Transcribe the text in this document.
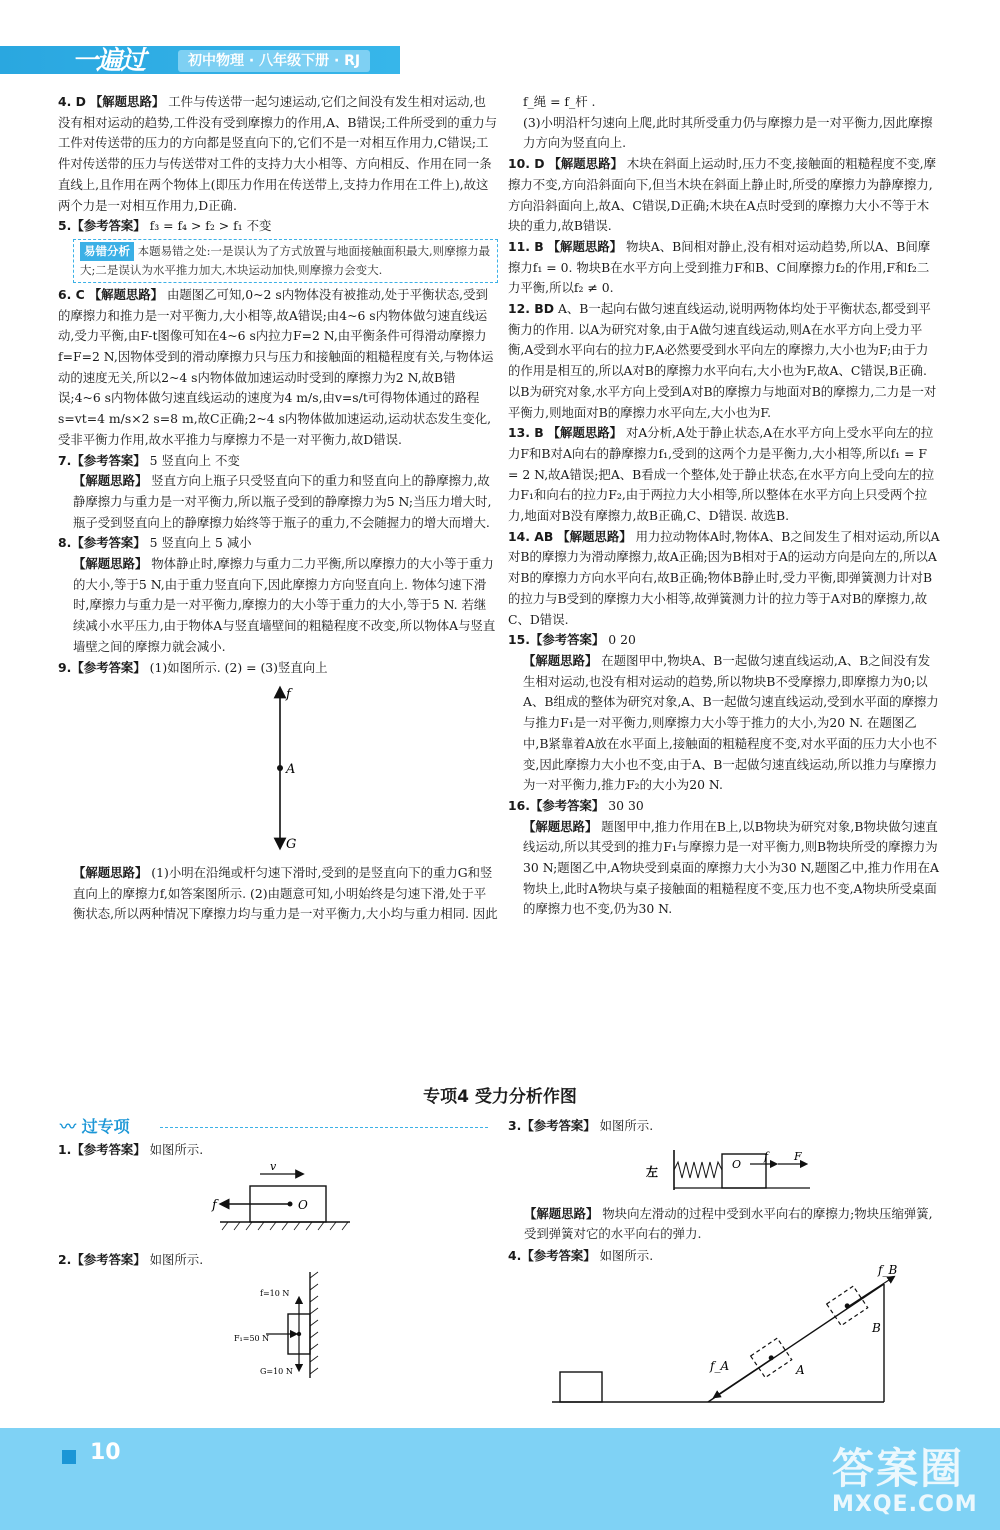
一遍过	初中物理 · 八年级下册 · RJ

4. D 【解题思路】 工件与传送带一起匀速运动,它们之间没有发生相对运动,也没有相对运动的趋势,工件没有受到摩擦力的作用,A、B错误;工件所受到的重力与工件对传送带的压力的方向都是竖直向下的,它们不是一对相互作用力,C错误;工件对传送带的压力与传送带对工件的支持力大小相等、方向相反、作用在同一条直线上,且作用在两个物体上(即压力作用在传送带上,支持力作用在工件上),故这两个力是一对相互作用力,D正确.

5.【参考答案】 f₃ = f₄ > f₂ > f₁ 不变

易错分析 本题易错之处:一是误认为了方式放置与地面接触面积最大,则摩擦力最大;二是误认为水平推力加大,木块运动加快,则摩擦力会变大.

6. C 【解题思路】 由题图乙可知,0~2 s内物体没有被推动,处于平衡状态,受到的摩擦力和推力是一对平衡力,大小相等,故A错误;由4~6 s内物体做匀速直线运动,受力平衡,由F-t图像可知在4~6 s内拉力F=2 N,由平衡条件可得滑动摩擦力f=F=2 N,因物体受到的滑动摩擦力只与压力和接触面的粗糙程度有关,与物体运动的速度无关,所以2~4 s内物体做加速运动时受到的摩擦力为2 N,故B错误;4~6 s内物体做匀速直线运动的速度为4 m/s,由v=s/t可得物体通过的路程s=vt=4 m/s×2 s=8 m,故C正确;2~4 s内物体做加速运动,运动状态发生变化,受非平衡力作用,故水平推力与摩擦力不是一对平衡力,故D错误.

7.【参考答案】 5 竖直向上 不变

【解题思路】 竖直方向上瓶子只受竖直向下的重力和竖直向上的静摩擦力,故静摩擦力与重力是一对平衡力,所以瓶子受到的静摩擦力为5 N;当压力增大时,瓶子受到竖直向上的静摩擦力始终等于瓶子的重力,不会随握力的增大而增大.

8.【参考答案】 5 竖直向上 5 减小

【解题思路】 物体静止时,摩擦力与重力二力平衡,所以摩擦力的大小等于重力的大小,等于5 N,由于重力竖直向下,因此摩擦力方向竖直向上. 物体匀速下滑时,摩擦力与重力是一对平衡力,摩擦力的大小等于重力的大小,等于5 N. 若继续减小水平压力,由于物体A与竖直墙壁间的粗糙程度不改变,所以物体A与竖直墙壁之间的摩擦力就会减小.

9.【参考答案】 (1)如图所示. (2) = (3)竖直向上

f
A
G

【解题思路】 (1)小明在沿绳或杆匀速下滑时,受到的是竖直向下的重力G和竖直向上的摩擦力f,如答案图所示. (2)由题意可知,小明始终是匀速下滑,处于平衡状态,所以两种情况下摩擦力均与重力是一对平衡力,大小均与重力相同. 因此

f_绳 = f_杆 .

(3)小明沿杆匀速向上爬,此时其所受重力仍与摩擦力是一对平衡力,因此摩擦力方向为竖直向上.

10. D 【解题思路】 木块在斜面上运动时,压力不变,接触面的粗糙程度不变,摩擦力不变,方向沿斜面向下,但当木块在斜面上静止时,所受的摩擦力为静摩擦力,方向沿斜面向上,故A、C错误,D正确;木块在A点时受到的摩擦力大小不等于木块的重力,故B错误.

11. B 【解题思路】 物块A、B间相对静止,没有相对运动趋势,所以A、B间摩擦力f₁ = 0. 物块B在水平方向上受到推力F和B、C间摩擦力f₂的作用,F和f₂二力平衡,所以f₂ ≠ 0.

12. BD A、B一起向右做匀速直线运动,说明两物体均处于平衡状态,都受到平衡力的作用. 以A为研究对象,由于A做匀速直线运动,则A在水平方向上受力平衡,A受到水平向右的拉力F,A必然要受到水平向左的摩擦力,大小也为F;由于力的作用是相互的,所以A对B的摩擦力水平向右,大小也为F,故A、C错误,B正确. 以B为研究对象,水平方向上受到A对B的摩擦力与地面对B的摩擦力,二力是一对平衡力,则地面对B的摩擦力水平向左,大小也为F.

13. B 【解题思路】 对A分析,A处于静止状态,A在水平方向上受水平向左的拉力F和B对A向右的静摩擦力f₁,受到的这两个力是平衡力,大小相等,所以f₁ = F = 2 N,故A错误;把A、B看成一个整体,处于静止状态,在水平方向上受向左的拉力F₁和向右的拉力F₂,由于两拉力大小相等,所以整体在水平方向上只受两个拉力,地面对B没有摩擦力,故B正确,C、D错误. 故选B.

14. AB 【解题思路】 用力拉动物体A时,物体A、B之间发生了相对运动,所以A对B的摩擦力为滑动摩擦力,故A正确;因为B相对于A的运动方向是向左的,所以A对B的摩擦力方向水平向右,故B正确;物体B静止时,受力平衡,即弹簧测力计对B的拉力与B受到的摩擦力大小相等,故弹簧测力计的拉力等于A对B的摩擦力,故C、D错误.

15.【参考答案】 0 20

【解题思路】 在题图甲中,物块A、B一起做匀速直线运动,A、B之间没有发生相对运动,也没有相对运动的趋势,所以物块B不受摩擦力,即摩擦力为0;以A、B组成的整体为研究对象,A、B一起做匀速直线运动,受到水平面的摩擦力与推力F₁是一对平衡力,则摩擦力大小等于推力的大小,为20 N. 在题图乙中,B紧靠着A放在水平面上,接触面的粗糙程度不变,对水平面的压力大小也不变,因此摩擦力大小也不变,由于A、B一起做匀速直线运动,所以推力与摩擦力为一对平衡力,推力F₂的大小为20 N.

16.【参考答案】 30 30

【解题思路】 题图甲中,推力作用在B上,以B物块为研究对象,B物块做匀速直线运动,所以其受到的推力F₁与摩擦力是一对平衡力,则B物块所受的摩擦力为30 N;题图乙中,A物块受到桌面的摩擦力大小为30 N,题图乙中,推力作用在A物块上,此时A物块与桌子接触面的粗糙程度不变,压力也不变,A物块所受桌面的摩擦力也不变,仍为30 N.

专项4 受力分析作图
〰 过专项
1.【参考答案】 如图所示.
v
O
f
2.【参考答案】 如图所示.
f=10 N
F₁=50 N
G=10 N
3.【参考答案】 如图所示.
左
O
f F
【解题思路】 物块向左滑动的过程中受到水平向右的摩擦力;物块压缩弹簧,受到弹簧对它的水平向右的弹力.
4.【参考答案】 如图所示.
f_A
f_B
A
B
10	答案圈
MXQE.COM
